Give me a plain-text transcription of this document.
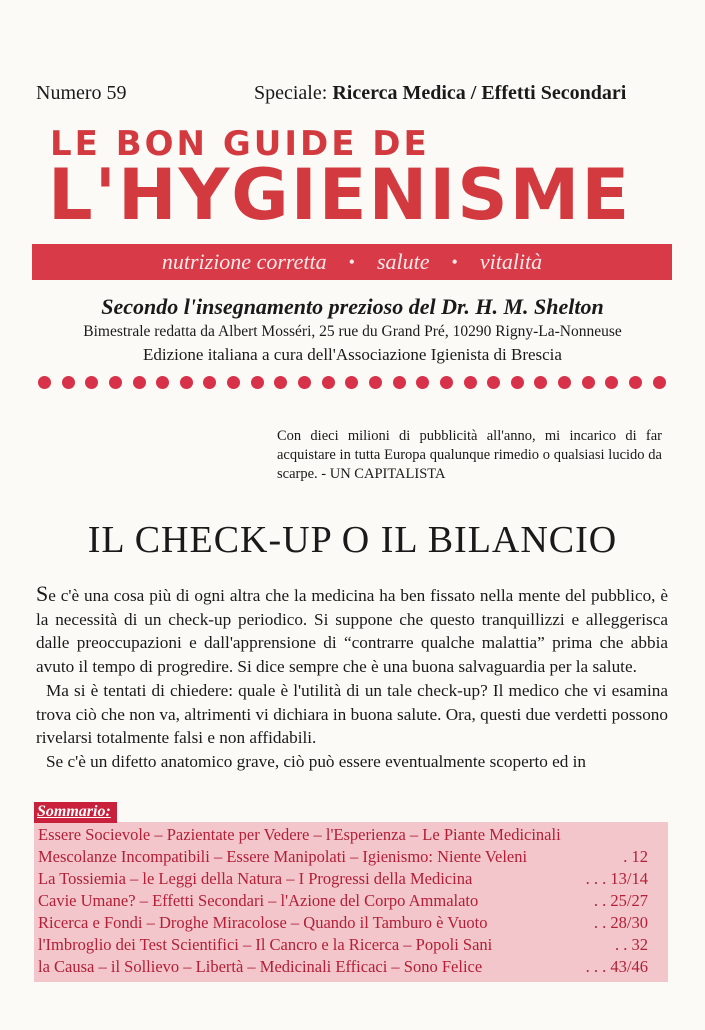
Numero 59	Speciale: Ricerca Medica / Effetti Secondari
LE BON GUIDE DE
L'HYGIENISME
nutrizione corretta • salute • vitalità
Secondo l'insegnamento prezioso del Dr. H. M. Shelton
Bimestrale redatta da Albert Mosséri, 25 rue du Grand Pré, 10290 Rigny-La-Nonneuse
Edizione italiana a cura dell'Associazione Igienista di Brescia
Con dieci milioni di pubblicità all'anno, mi incarico di far acquistare in tutta Europa qualunque rimedio o qualsiasi lucido da scarpe. - UN CAPITALISTA
IL CHECK-UP O IL BILANCIO

Se c'è una cosa più di ogni altra che la medicina ha ben fissato nella mente del pubblico, è la necessità di un check-up periodico. Si suppone che questo tranquillizzi e alleggerisca dalle preoccupazioni e dall'apprensione di “contrarre qualche malattia” prima che abbia avuto il tempo di progredire. Si dice sempre che è una buona salvaguardia per la salute.

Ma si è tentati di chiedere: quale è l'utilità di un tale check-up? Il medico che vi esamina trova ciò che non va, altrimenti vi dichiara in buona salute. Ora, questi due verdetti possono rivelarsi totalmente falsi e non affidabili.

Se c'è un difetto anatomico grave, ciò può essere eventualmente scoperto ed in

Sommario:
Essere Socievole – Pazientate per Vedere – l'Esperienza – Le Piante Medicinali
Mescolanze Incompatibili – Essere Manipolati – Igienismo: Niente Veleni	. 12
La Tossiemia – le Leggi della Natura – I Progressi della Medicina	. . . 13/14
Cavie Umane? – Effetti Secondari – l'Azione del Corpo Ammalato	. . 25/27
Ricerca e Fondi – Droghe Miracolose – Quando il Tamburo è Vuoto	. . 28/30
l'Imbroglio dei Test Scientifici – Il Cancro e la Ricerca – Popoli Sani	. . 32
la Causa – il Sollievo – Libertà – Medicinali Efficaci – Sono Felice	. . . 43/46
